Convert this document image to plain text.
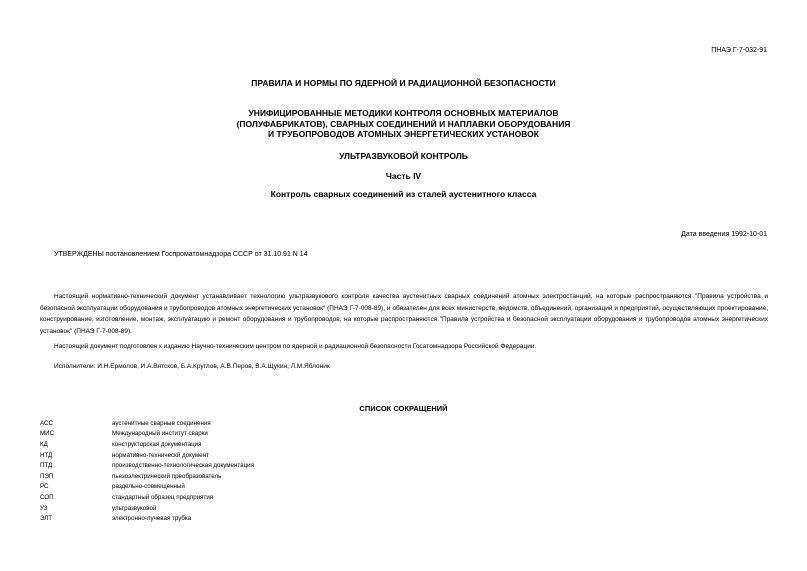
ПНАЭ Г-7-032-91
ПРАВИЛА И НОРМЫ ПО ЯДЕРНОЙ И РАДИАЦИОННОЙ БЕЗОПАСНОСТИ
УНИФИЦИРОВАННЫЕ МЕТОДИКИ КОНТРОЛЯ ОСНОВНЫХ МАТЕРИАЛОВ
(ПОЛУФАБРИКАТОВ), СВАРНЫХ СОЕДИНЕНИЙ И НАПЛАВКИ ОБОРУДОВАНИЯ
И ТРУБОПРОВОДОВ АТОМНЫХ ЭНЕРГЕТИЧЕСКИХ УСТАНОВОК
УЛЬТРАЗВУКОВОЙ КОНТРОЛЬ
Часть IV
Контроль сварных соединений из сталей аустенитного класса
Дата введения 1992-10-01
УТВЕРЖДЕНЫ постановлением Госпроматомнадзора СССР от 31.10.91 N 14
Настоящий нормативно-технический документ устанавливает технологию ультразвукового контроля качества аустенитных сварных соединений атомных электростанций, на которые распространяются "Правила устройства и безопасной эксплуатации оборудования и трубопроводов атомных энергетических установок" (ПНАЭ Г-7-008-89), и обязателен для всех министерств, ведомств, объединений, организаций и предприятий, осуществляющих проектирование, конструирование, изготовление, монтаж, эксплуатацию и ремонт оборудования и трубопроводов, на которые распространяются "Правила устройства и безопасной эксплуатации оборудования и трубопроводов атомных энергетических установок" (ПНАЭ Г-7-008-89).
Настоящий документ подготовлен к изданию Научно-техническим центром по ядерной и радиационной безопасности Госатомнадзора Российской Федерации.
Исполнители: И.Н.Ермолов, И.А.Вятсков, Б.А.Круглов, А.В.Перов, В.А.Щукин, Л.М.Яблоник
СПИСОК СОКРАЩЕНИЙ
АСС	аустенитные сварные соединения
МИС	Международный институт сварки
КД	конструкторская документация
НТД	нормативно-техническй документ
ПТД	производственно-технологическая документация
ПЭП	пьезоэлектрический преобразователь
РС	раздельно-совмещенный
СОП	стандартный образец предприятия
УЗ	ультразвуковой
ЭЛТ	электронно-лучевая трубка
